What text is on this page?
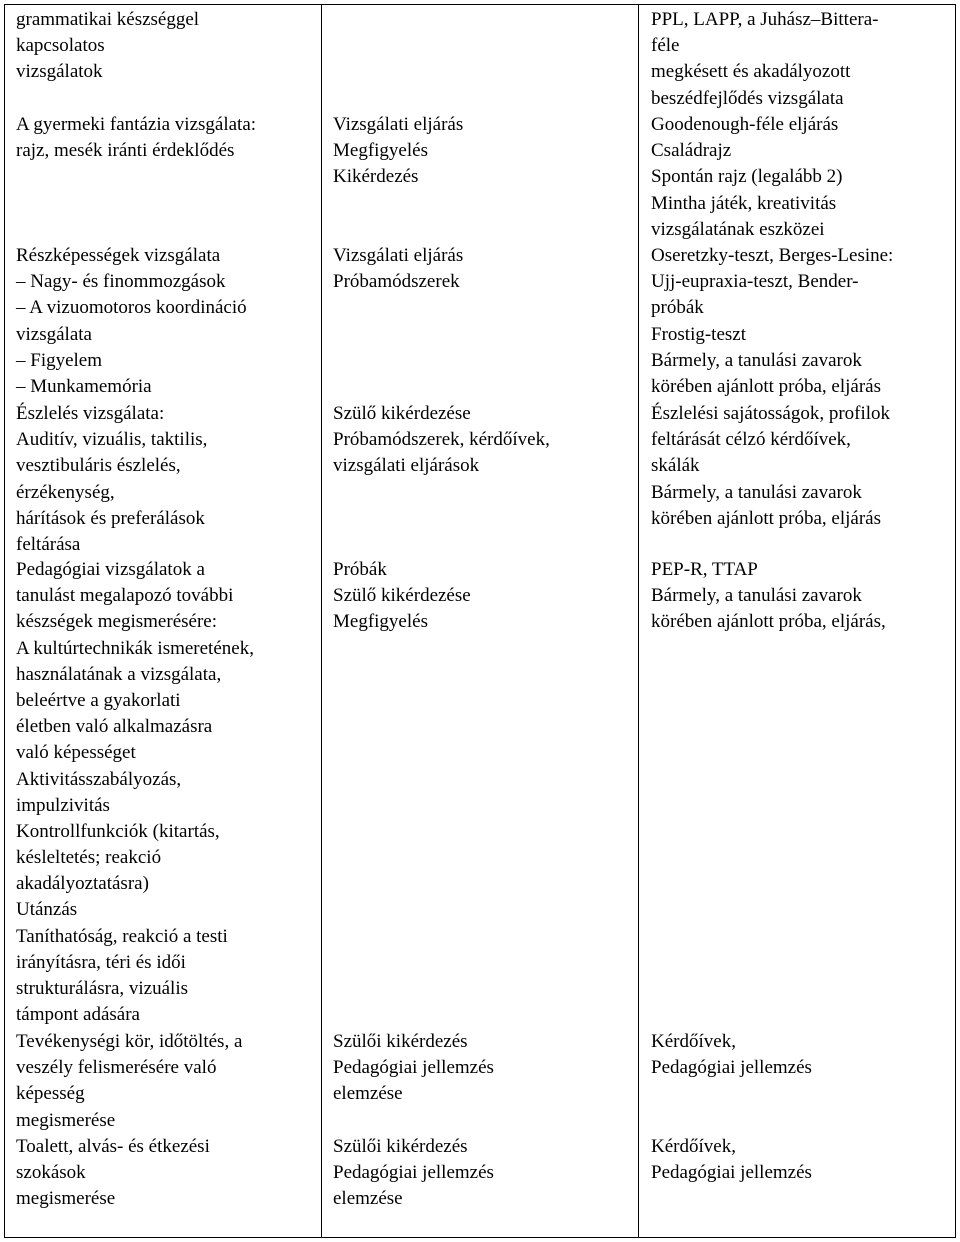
grammatikai készséggel
kapcsolatos
vizsgálatok
PPL, LAPP, a Juhász–Bittera-
féle
megkésett és akadályozott
beszédfejlődés vizsgálata
A gyermeki fantázia vizsgálata:
rajz, mesék iránti érdeklődés
Vizsgálati eljárás
Megfigyelés
Kikérdezés
Goodenough-féle eljárás
Családrajz
Spontán rajz (legalább 2)
Mintha játék, kreativitás
vizsgálatának eszközei
Részképességek vizsgálata
– Nagy- és finommozgások
– A vizuomotoros koordináció
vizsgálata
– Figyelem
– Munkamemória
Vizsgálati eljárás
Próbamódszerek
Oseretzky-teszt, Berges-Lesine:
Ujj-eupraxia-teszt, Bender-
próbák
Frostig-teszt
Bármely, a tanulási zavarok
körében ajánlott próba, eljárás
Észlelés vizsgálata:
Auditív, vizuális, taktilis,
vesztibuláris észlelés,
érzékenység,
hárítások és preferálások
feltárása
Szülő kikérdezése
Próbamódszerek, kérdőívek,
vizsgálati eljárások
Észlelési sajátosságok, profilok
feltárását célzó kérdőívek,
skálák
Bármely, a tanulási zavarok
körében ajánlott próba, eljárás
Pedagógiai vizsgálatok a
tanulást megalapozó további
készségek megismerésére:
A kultúrtechnikák ismeretének,
használatának a vizsgálata,
beleértve a gyakorlati
életben való alkalmazásra
való képességet
Aktivitásszabályozás,
impulzivitás
Kontrollfunkciók (kitartás,
késleltetés; reakció
akadályoztatásra)
Utánzás
Taníthatóság, reakció a testi
irányításra, téri és idői
strukturálásra, vizuális
támpont adására
Próbák
Szülő kikérdezése
Megfigyelés
PEP-R, TTAP
Bármely, a tanulási zavarok
körében ajánlott próba, eljárás,
Tevékenységi kör, időtöltés, a
veszély felismerésére való
képesség
megismerése
Szülői kikérdezés
Pedagógiai jellemzés
elemzése
Kérdőívek,
Pedagógiai jellemzés
Toalett, alvás- és étkezési
szokások
megismerése
Szülői kikérdezés
Pedagógiai jellemzés
elemzése
Kérdőívek,
Pedagógiai jellemzés
